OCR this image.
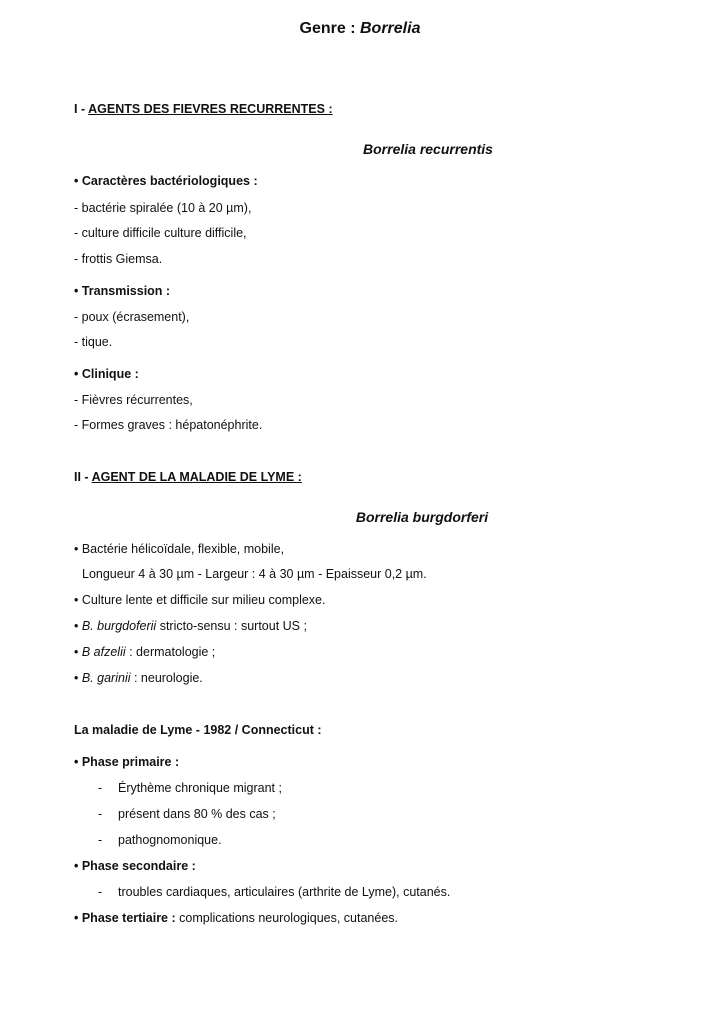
Genre : Borrelia
I - AGENTS DES FIEVRES RECURRENTES :
Borrelia recurrentis
• Caractères bactériologiques :
- bactérie spiralée (10 à 20 µm),
- culture difficile culture difficile,
- frottis Giemsa.
• Transmission :
- poux (écrasement),
- tique.
• Clinique :
- Fièvres récurrentes,
- Formes graves : hépatonéphrite.
II - AGENT DE LA MALADIE DE LYME :
Borrelia burgdorferi
• Bactérie hélicoïdale, flexible, mobile,
Longueur 4 à 30 µm - Largeur : 4 à 30 µm - Epaisseur 0,2 µm.
• Culture lente et difficile sur milieu complexe.
• B. burgdoferii stricto-sensu : surtout US ;
• B afzelii : dermatologie ;
• B. garinii : neurologie.
La maladie de Lyme - 1982 / Connecticut :
• Phase primaire :
- Érythème chronique migrant ;
- présent dans 80 % des cas ;
- pathognomonique.
• Phase secondaire :
- troubles cardiaques, articulaires (arthrite de Lyme), cutanés.
• Phase tertiaire : complications neurologiques, cutanées.
